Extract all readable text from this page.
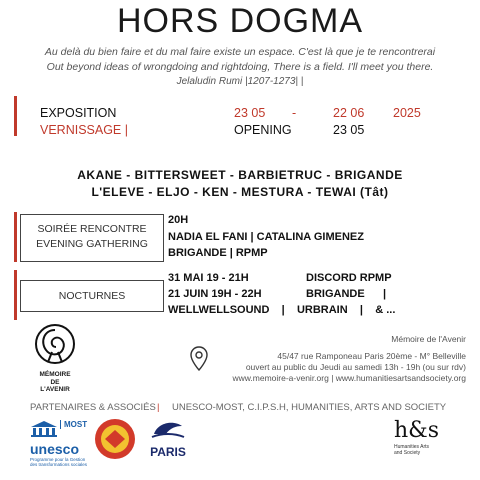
HORS DOGMA
Au delà du bien faire et du mal faire existe un espace. C'est là que je te rencontrerai
Out beyond ideas of wrongdoing and rightdoing, There is a field. I'll meet you there.
Jelaludin Rumi |1207-1273| |
EXPOSITION	23 05 -	22 06 2025
VERNISSAGE |	OPENING	23 05
AKANE - BITTERSWEET - BARBIETRUC - BRIGANDE
L'ELEVE - ELJO - KEN - MESTURA - TEWAI (Tât)
SOIRÉE RENCONTRE
EVENING GATHERING
20H
NADIA EL FANI | CATALINA GIMENEZ
BRIGANDE | RPMP
NOCTURNES
31 MAI 19 - 21H	DISCORD RPMP
21 JUIN 19H - 22H	BRIGANDE      |
WELLWELLSOUND    |    URBRAIN    |    & ...
MÉMOIRE
DE
L'AVENIR
Mémoire de l'Avenir
45/47 rue Ramponeau Paris 20ème - M° Belleville
ouvert au public du Jeudi au samedi 13h - 19h (ou sur rdv)
www.memoire-a-venir.org | www.humanitiesartsandsociety.org
PARTENAIRES & ASSOCIÉS | UNESCO-MOST, C.I.P.S.H, HUMANITIES, ARTS AND SOCIETY
unesco
Programme pour la Gestion
des transformations sociales
MOST
PARIS
h&s
Humanities Arts and Society
